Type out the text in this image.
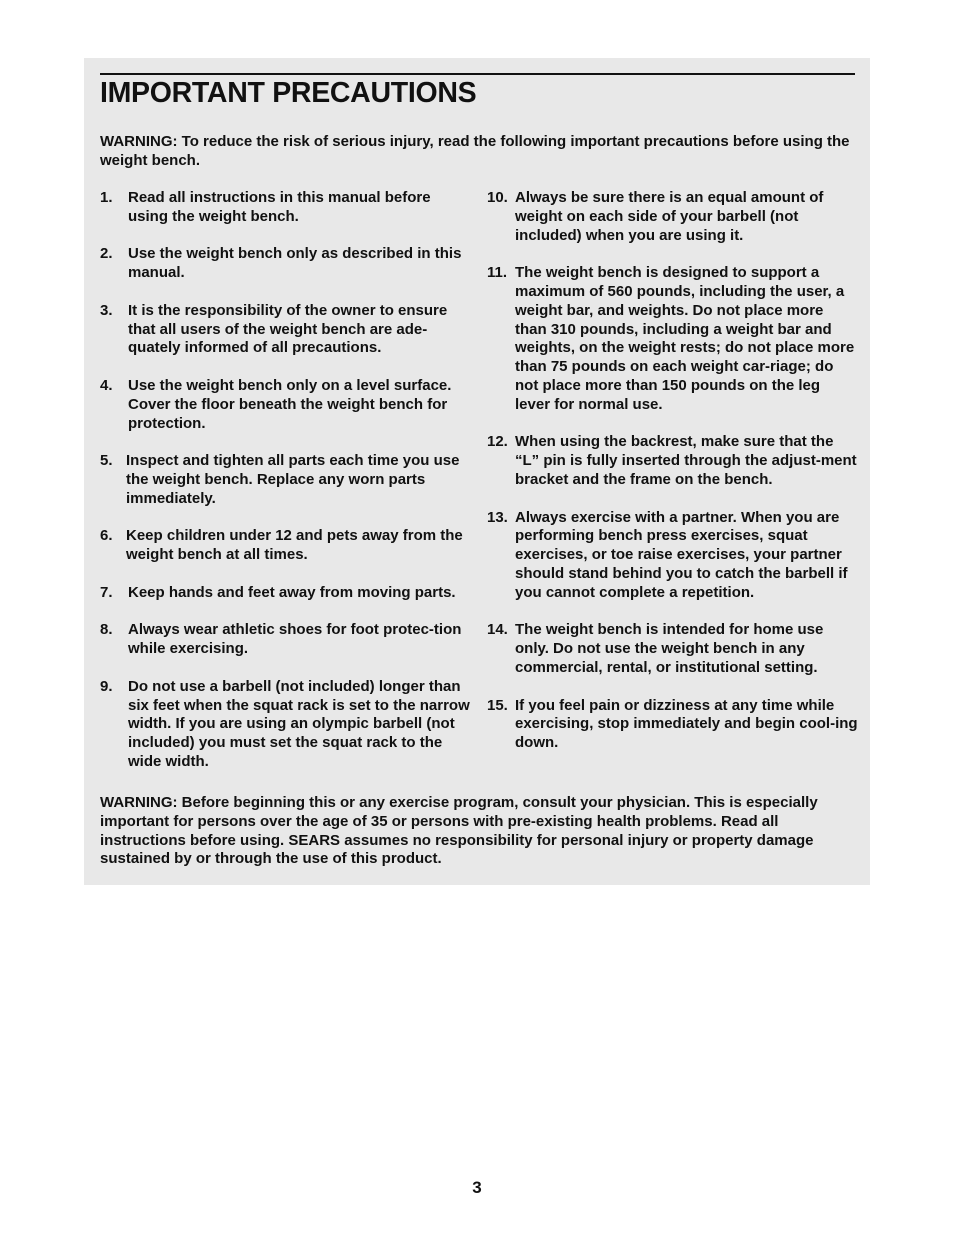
IMPORTANT PRECAUTIONS

WARNING: To reduce the risk of serious injury, read the following important precautions before using the weight bench.

1.	Read all instructions in this manual before using the weight bench.
2.	Use the weight bench only as described in this manual.
3.	It is the responsibility of the owner to ensure that all users of the weight bench are ade-quately informed of all precautions.
4.	Use the weight bench only on a level surface. Cover the floor beneath the weight bench for protection.
5. Inspect and tighten all parts each time you use the weight bench. Replace any worn parts immediately.
6. Keep children under 12 and pets away from the weight bench at all times.
7.	Keep hands and feet away from moving parts.
8.	Always wear athletic shoes for foot protec-tion while exercising.
9.	Do not use a barbell (not included) longer than six feet when the squat rack is set to the narrow width. If you are using an olympic barbell (not included) you must set the squat rack to the wide width.
10. Always be sure there is an equal amount of weight on each side of your barbell (not included) when you are using it.
11. The weight bench is designed to support a maximum of 560 pounds, including the user, a weight bar, and weights. Do not place more than 310 pounds, including a weight bar and weights, on the weight rests; do not place more than 75 pounds on each weight car-riage; do not place more than 150 pounds on the leg lever for normal use.
12. When using the backrest, make sure that the “L” pin is fully inserted through the adjust-ment bracket and the frame on the bench.
13. Always exercise with a partner. When you are performing bench press exercises, squat exercises, or toe raise exercises, your partner should stand behind you to catch the barbell if you cannot complete a repetition.
14. The weight bench is intended for home use only. Do not use the weight bench in any commercial, rental, or institutional setting.
15. If you feel pain or dizziness at any time while exercising, stop immediately and begin cool-ing down.

WARNING: Before beginning this or any exercise program, consult your physician. This is especially important for persons over the age of 35 or persons with pre-existing health problems. Read all instructions before using. SEARS assumes no responsibility for personal injury or property damage sustained by or through the use of this product.

3
